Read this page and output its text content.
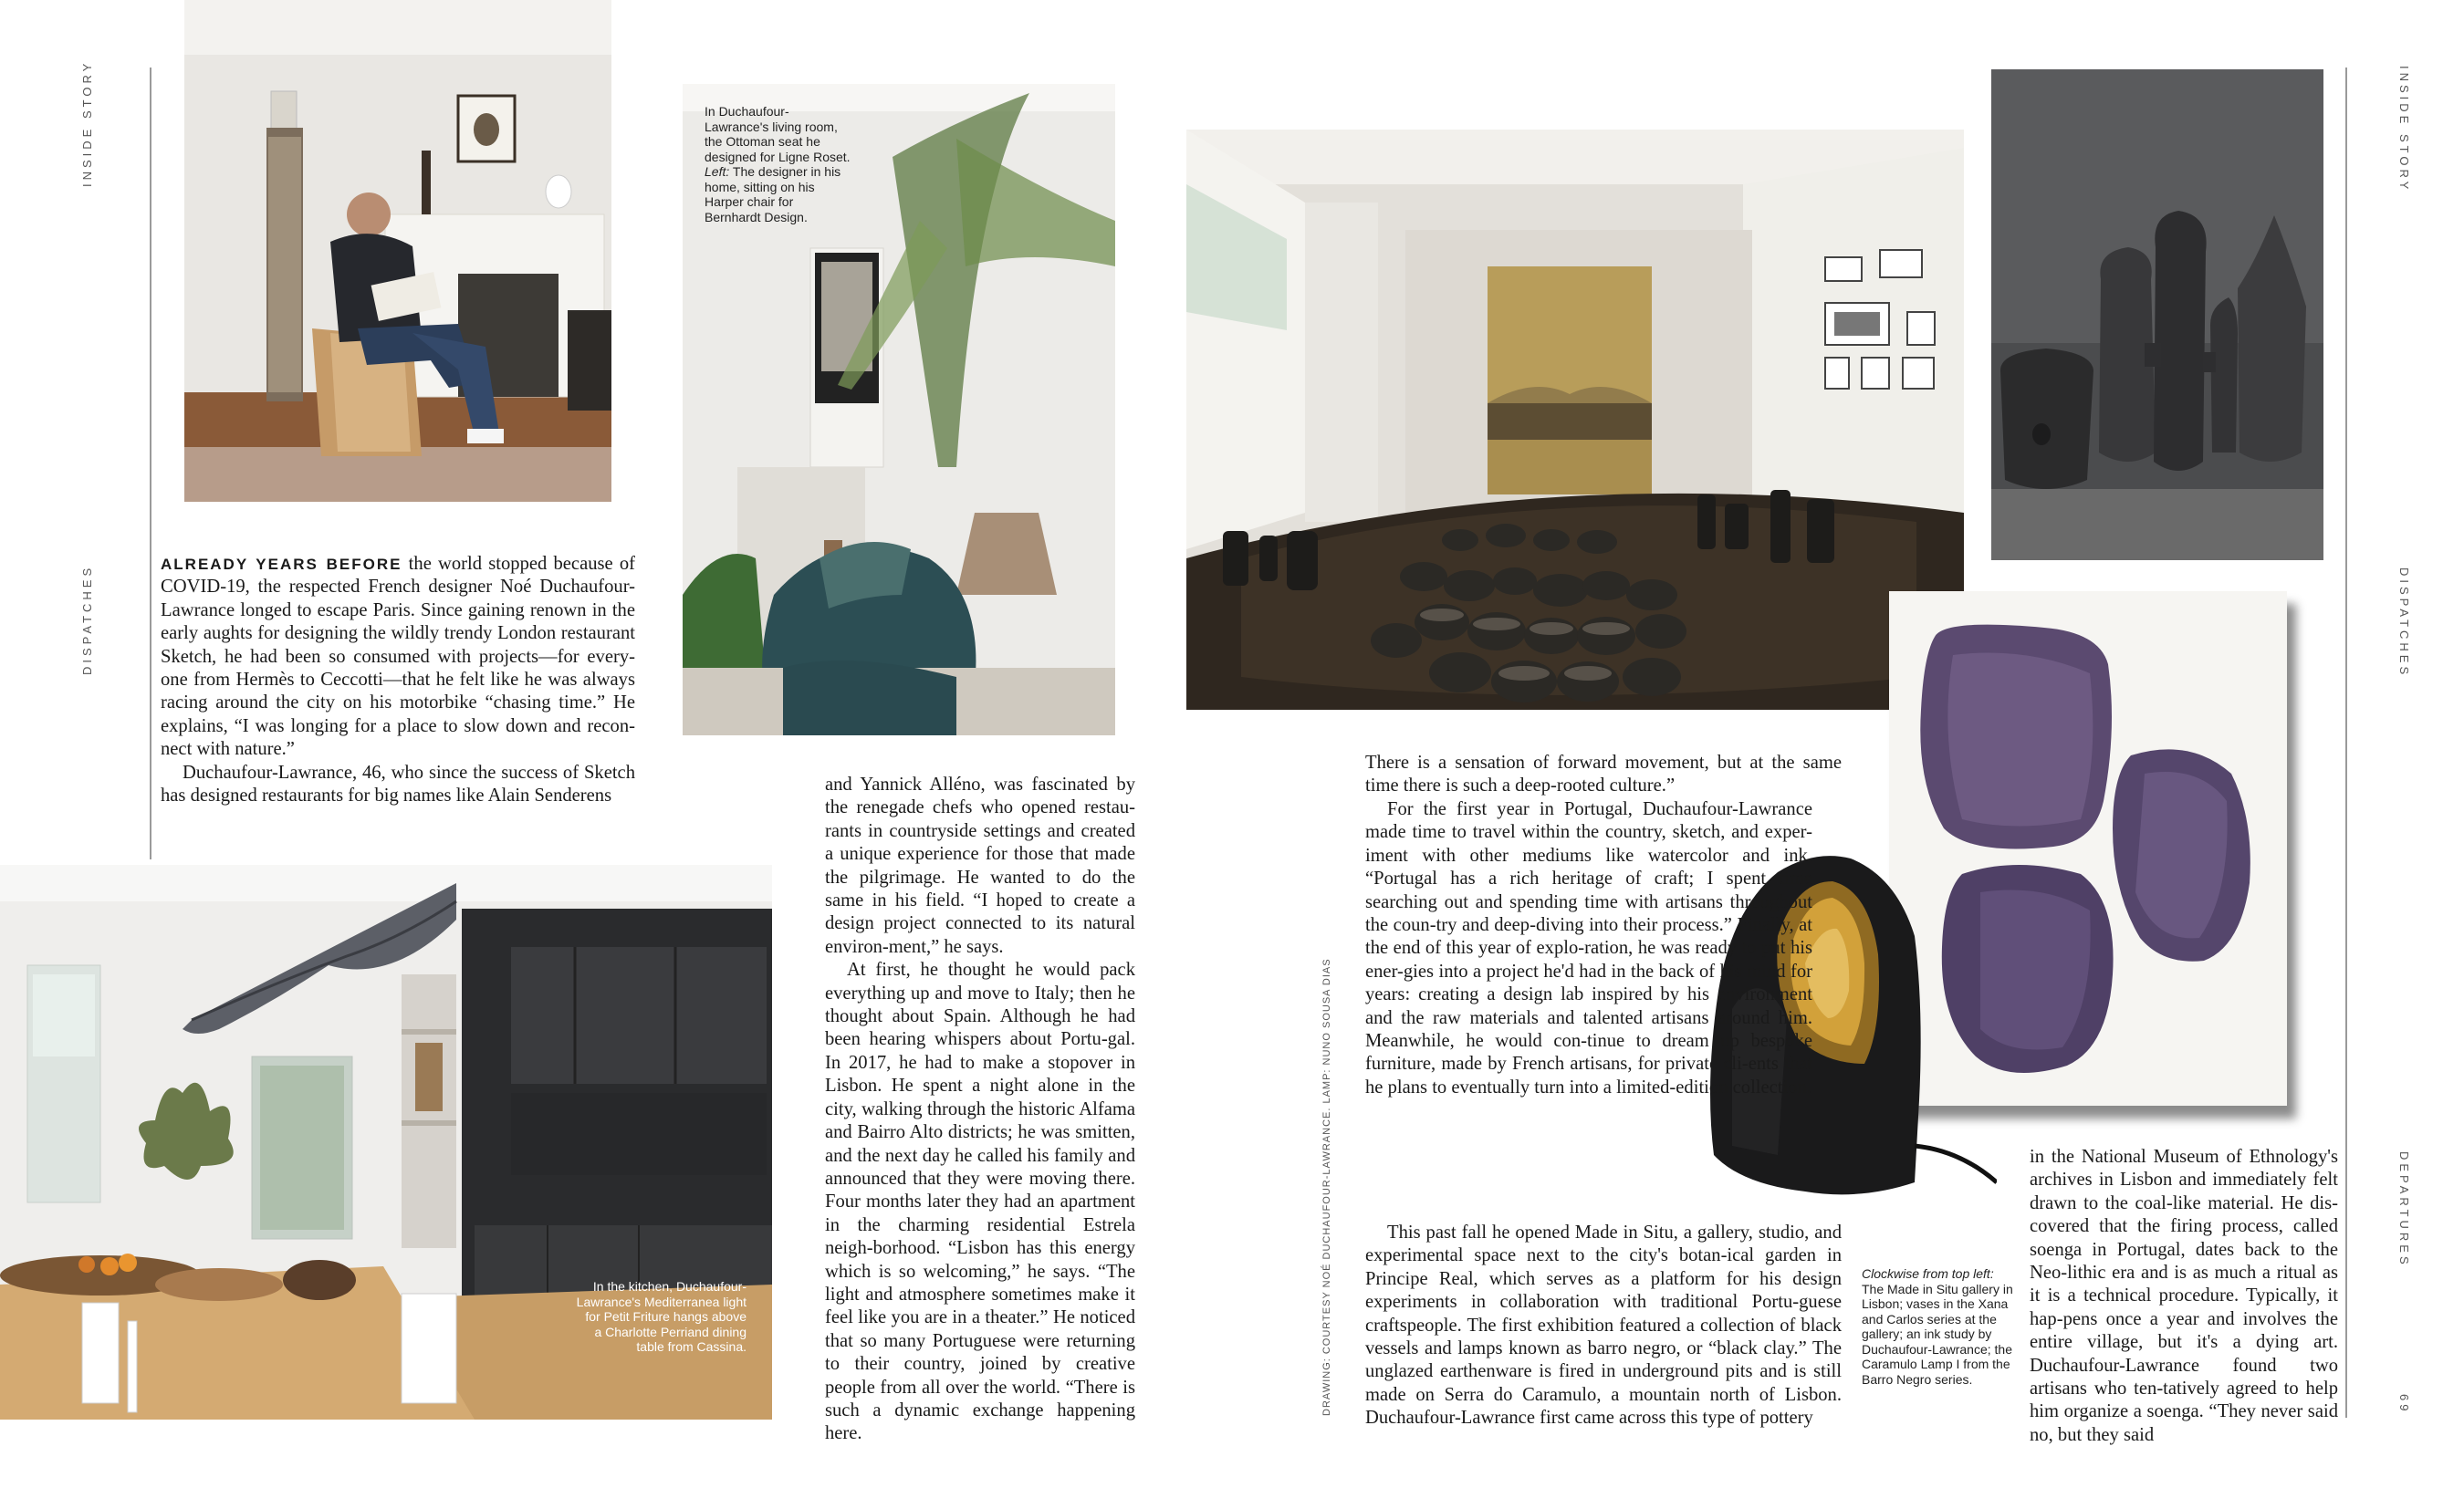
INSIDE STORY
DISPATCHES
INSIDE STORY
DISPATCHES
DEPARTURES
69
DRAWING: COURTESY NOÉ DUCHAUFOUR-LAWRANCE. LAMP: NUNO SOUSA DIAS
In Duchaufour-Lawrance's living room, the Ottoman seat he designed for Ligne Roset. Left: The designer in his home, sitting on his Harper chair for Bernhardt Design.
In the kitchen, Duchaufour-Lawrance's Mediterranea light for Petit Friture hangs above a Charlotte Perriand dining table from Cassina.

ALREADY YEARS BEFORE the world stopped because of COVID-19, the respected French designer Noé Duchaufour-Lawrance longed to escape Paris. Since gaining renown in the early aughts for designing the wildly trendy London restaurant Sketch, he had been so consumed with projects—for every-one from Hermès to Ceccotti—that he felt like he was always racing around the city on his motorbike “chasing time.” He explains, “I was longing for a place to slow down and recon-nect with nature.”

Duchaufour-Lawrance, 46, who since the success of Sketch has designed restaurants for big names like Alain Senderens

and Yannick Alléno, was fascinated by the renegade chefs who opened restau-rants in countryside settings and created a unique experience for those that made the pilgrimage. He wanted to do the same in his field. “I hoped to create a design project connected to its natural environ-ment,” he says.

At first, he thought he would pack everything up and move to Italy; then he thought about Spain. Although he had been hearing whispers about Portu-gal. In 2017, he had to make a stopover in Lisbon. He spent a night alone in the city, walking through the historic Alfama and Bairro Alto districts; he was smitten, and the next day he called his family and announced that they were moving there. Four months later they had an apartment in the charming residential Estrela neigh-borhood. “Lisbon has this energy which is so welcoming,” he says. “The light and atmosphere sometimes make it feel like you are in a theater.” He noticed that so many Portuguese were returning to their country, joined by creative people from all over the world. “There is such a dynamic exchange happening here.

There is a sensation of forward movement, but at the same time there is such a deep-rooted culture.”

For the first year in Portugal, Duchaufour-Lawrance made time to travel within the country, sketch, and exper-iment with other mediums like watercolor and ink. “Portugal has a rich heritage of craft; I spent time searching out and spending time with artisans throughout the coun-try and deep-diving into their process.” Finally, at the end of this year of explo-ration, he was ready to put his ener-gies into a project he'd had in the back of his mind for years: creating a design lab inspired by his environment and the raw materials and talented artisans around him. Meanwhile, he would con-tinue to dream up bespoke furniture, made by French artisans, for private cli-ents that he plans to eventually turn into a limited-edition collection.

This past fall he opened Made in Situ, a gallery, studio, and experimental space next to the city's botan-ical garden in Principe Real, which serves as a platform for his design experiments in collaboration with traditional Portu-guese craftspeople. The first exhibition featured a collection of black vessels and lamps known as barro negro, or “black clay.” The unglazed earthenware is fired in underground pits and is still made on Serra do Caramulo, a mountain north of Lisbon. Duchaufour-Lawrance first came across this type of pottery

Clockwise from top left: The Made in Situ gallery in Lisbon; vases in the Xana and Carlos series at the gallery; an ink study by Duchaufour-Lawrance; the Caramulo Lamp I from the Barro Negro series.

in the National Museum of Ethnology's archives in Lisbon and immediately felt drawn to the coal-like material. He dis-covered that the firing process, called soenga in Portugal, dates back to the Neo-lithic era and is as much a ritual as it is a technical procedure. Typically, it hap-pens once a year and involves the entire village, but it's a dying art. Duchaufour-Lawrance found two artisans who ten-tatively agreed to help him organize a soenga. “They never said no, but they said
